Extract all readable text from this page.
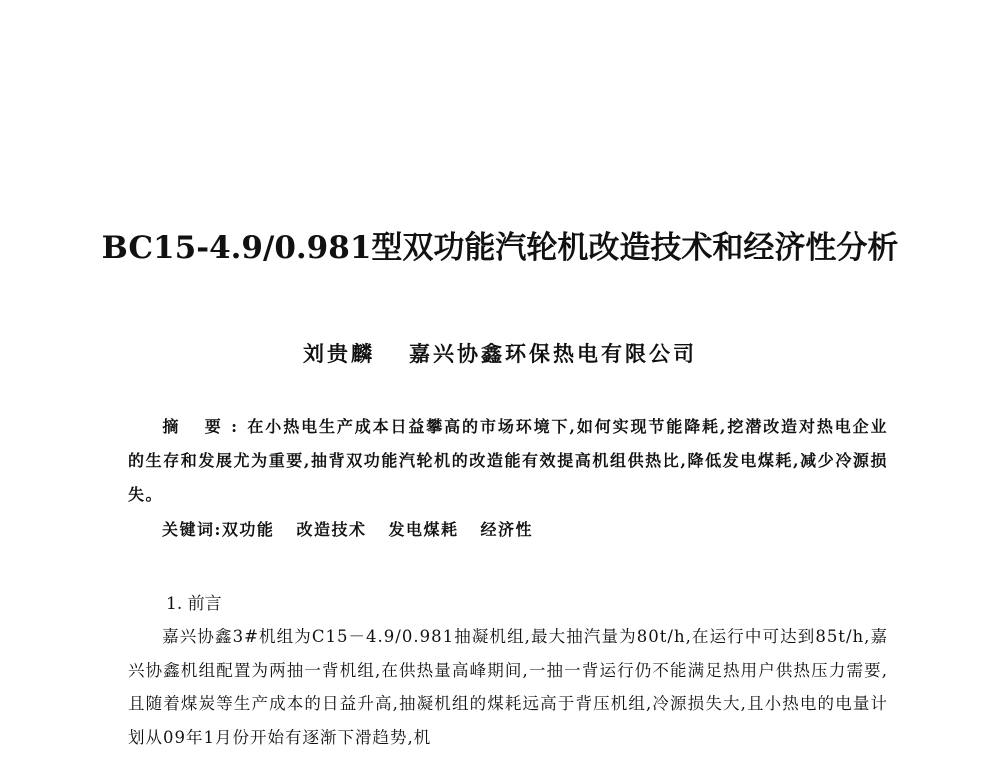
BC15-4.9/0.981型双功能汽轮机改造技术和经济性分析
刘贵麟 嘉兴协鑫环保热电有限公司
摘 要:在小热电生产成本日益攀高的市场环境下,如何实现节能降耗,挖潜改造对热电企业的生存和发展尤为重要,抽背双功能汽轮机的改造能有效提高机组供热比,降低发电煤耗,减少冷源损失。
关键词:双功能 改造技术 发电煤耗 经济性
1. 前言
嘉兴协鑫3#机组为C15－4.9/0.981抽凝机组,最大抽汽量为80t/h,在运行中可达到85t/h,嘉兴协鑫机组配置为两抽一背机组,在供热量高峰期间,一抽一背运行仍不能满足热用户供热压力需要,且随着煤炭等生产成本的日益升高,抽凝机组的煤耗远高于背压机组,冷源损失大,且小热电的电量计划从09年1月份开始有逐渐下滑趋势,机
